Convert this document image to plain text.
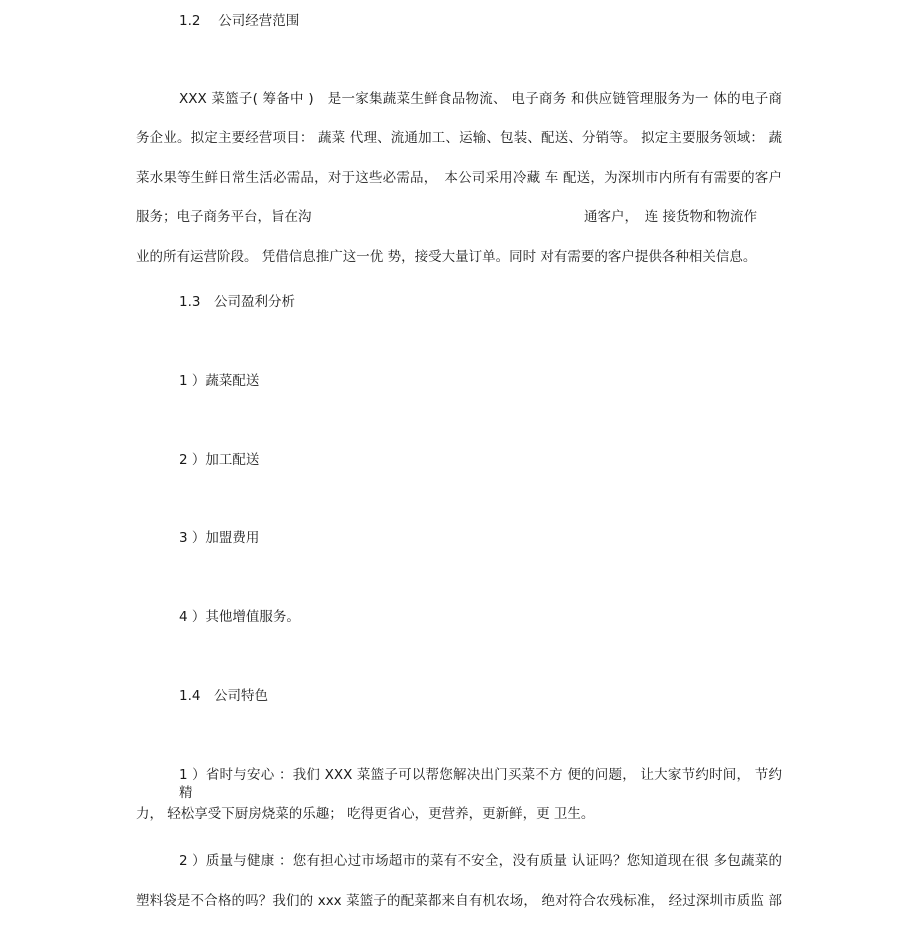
1.2　 公司经营范围

XXX 菜篮子( 筹备中 )　是一家集蔬菜生鲜食品物流、 电子商务 和供应链管理服务为一 体的电子商

务企业。拟定主要经营项目： 蔬菜 代理、流通加工、运输、包装、配送、分销等。 拟定主要服务领域： 蔬

菜水果等生鲜日常生活必需品，对于这些必需品，　本公司采用冷藏 车 配送，为深圳市内所有有需要的客户

服务；电子商务平台，旨在沟	通客户，　连 接货物和物流作

业的所有运营阶段。 凭借信息推广这一优 势，接受大量订单。同时 对有需要的客户提供各种相关信息。

1.3　公司盈利分析

1 ）蔬菜配送

2 ）加工配送

3 ）加盟费用

4 ）其他增值服务。

1.4　公司特色

1 ）省时与安心 ：我们 XXX 菜篮子可以帮您解决出门买菜不方 便的问题， 让大家节约时间， 节约精

力， 轻松享受下厨房烧菜的乐趣； 吃得更省心，更营养，更新鲜，更 卫生。

2 ）质量与健康 ：您有担心过市场超市的菜有不安全，没有质量 认证吗？您知道现在很 多包蔬菜的

塑料袋是不合格的吗？我们的 xxx 菜篮子的配菜都来自有机农场， 绝对符合农残标准， 经过深圳市质监 部
